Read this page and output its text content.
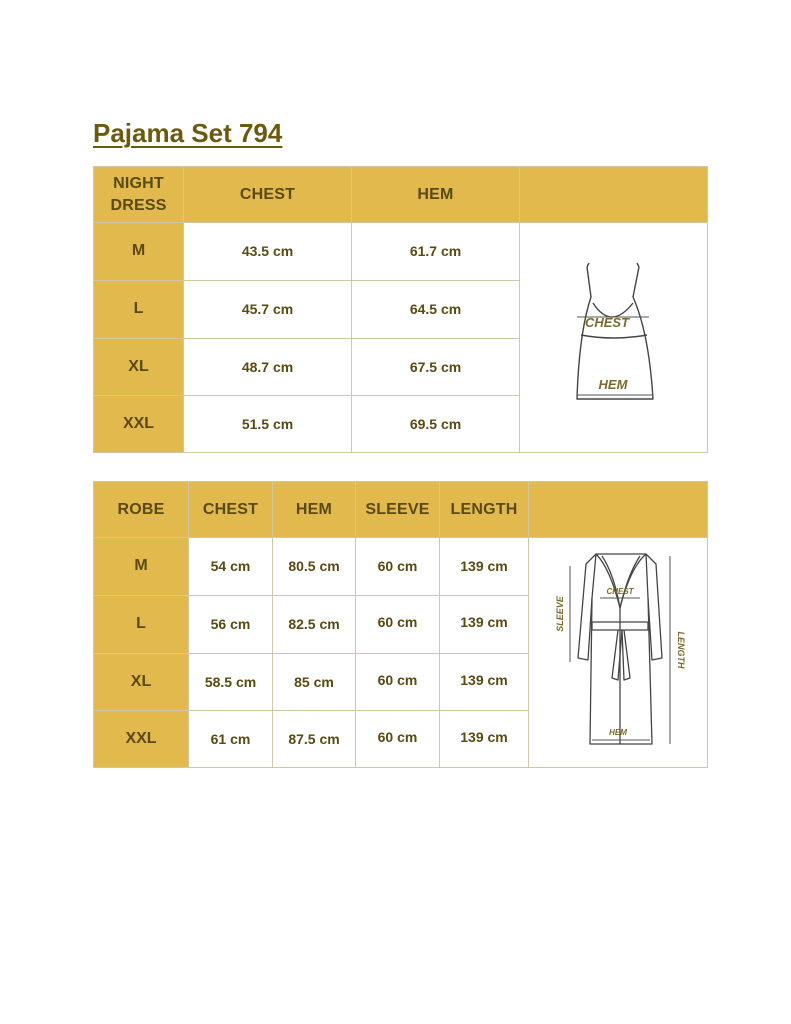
Pajama Set 794
NIGHT
DRESS	CHEST	HEM	
M	43.5 cm	61.7 cm	CHEST
HEM

L	45.7 cm	64.5 cm	
XL	48.7 cm	67.5 cm	
XXL	51.5 cm	69.5 cm	
ROBE	CHEST	HEM	SLEEVE	LENGTH	
M	54 cm	80.5 cm	60 cm	139 cm	SLEEVE
LENGTH
CHEST
HEM

L	56 cm	82.5 cm	60 cm	139 cm	
XL	58.5 cm	85 cm	60 cm	139 cm	
XXL	61 cm	87.5 cm	60 cm	139 cm	
